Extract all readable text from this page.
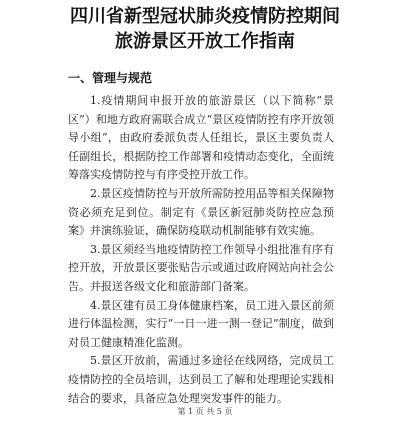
四川省新型冠状肺炎疫情防控期间
旅游景区开放工作指南
一、管理与规范

1.疫情期间申报开放的旅游景区（以下简称“景区”）和地方政府需联合成立“景区疫情防控有序开放领导小组”，由政府委派负责人任组长，景区主要负责人任副组长，根据防控工作部署和疫情动态变化，全面统筹落实疫情防控与有序受控开放工作。

2.景区疫情防控与开放所需防控用品等相关保障物资必须充足到位。制定有《景区新冠肺炎防控应急预案》并演练验证，确保防疫联动机制能够有效实施。

3.景区须经当地疫情防控工作领导小组批准有序有控开放，开放景区要张贴告示或通过政府网站向社会公告。并报送各级文化和旅游部门备案。

4.景区建有员工身体健康档案，员工进入景区前须进行体温检测，实行“一日一进一测一登记”制度，做到对员工健康精准化监测。

5.景区开放前，需通过多途径在线网络，完成员工疫情防控的全员培训，达到员工了解和处理理论实践相结合的要求，具备应急处理突发事件的能力。

第 1 页 共 5 页
